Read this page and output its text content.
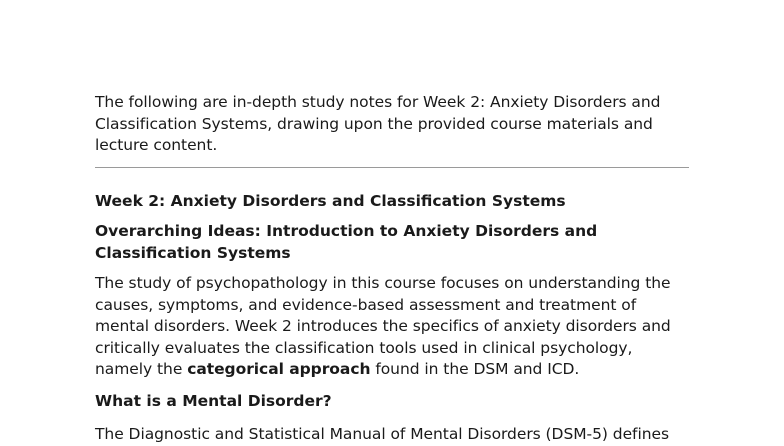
The following are in-depth study notes for Week 2: Anxiety Disorders and
Classification Systems, drawing upon the provided course materials and
lecture content.

Week 2: Anxiety Disorders and Classification Systems

Overarching Ideas: Introduction to Anxiety Disorders and
Classification Systems

The study of psychopathology in this course focuses on understanding the
causes, symptoms, and evidence-based assessment and treatment of
mental disorders. Week 2 introduces the specifics of anxiety disorders and
critically evaluates the classification tools used in clinical psychology,
namely the categorical approach found in the DSM and ICD.

What is a Mental Disorder?

The Diagnostic and Statistical Manual of Mental Disorders (DSM-5) defines
